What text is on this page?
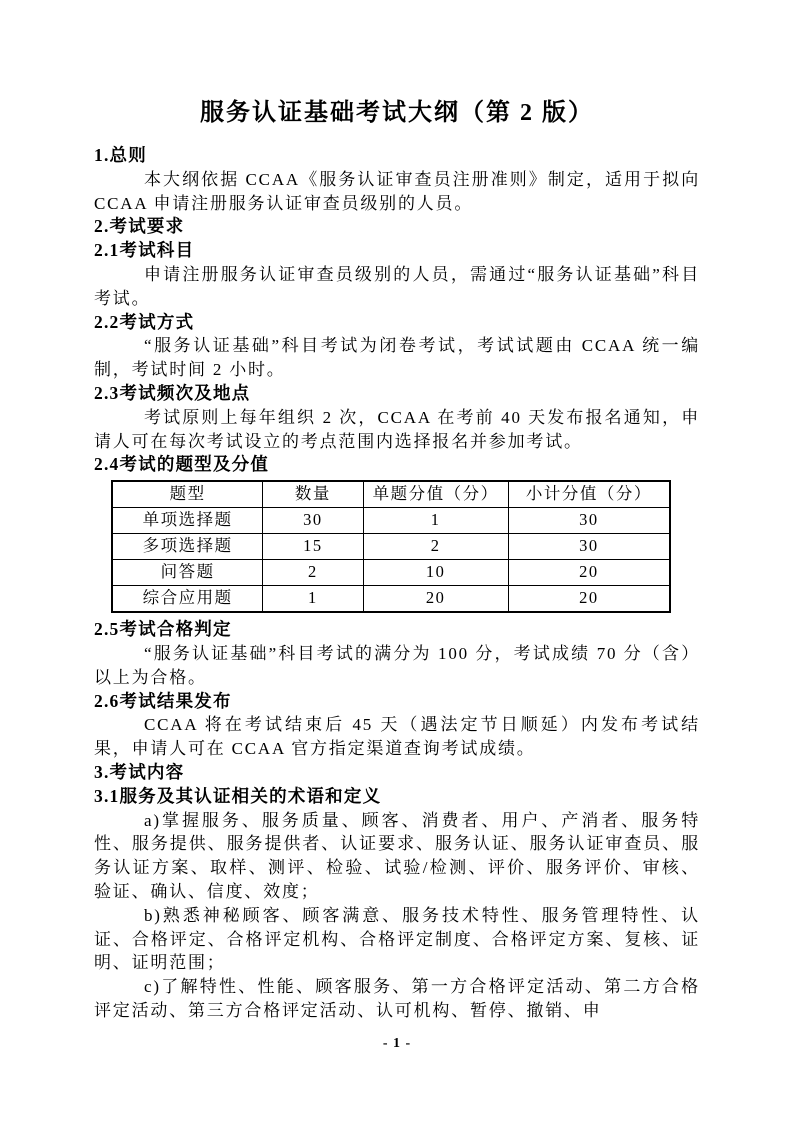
服务认证基础考试大纲（第 2 版）
1.总则

本大纲依据 CCAA《服务认证审查员注册准则》制定，适用于拟向 CCAA 申请注册服务认证审查员级别的人员。

2.考试要求
2.1考试科目

申请注册服务认证审查员级别的人员，需通过“服务认证基础”科目考试。

2.2考试方式

“服务认证基础”科目考试为闭卷考试，考试试题由 CCAA 统一编制，考试时间 2 小时。

2.3考试频次及地点

考试原则上每年组织 2 次，CCAA 在考前 40 天发布报名通知，申请人可在每次考试设立的考点范围内选择报名并参加考试。

2.4考试的题型及分值
题型	数量	单题分值（分）	小计分值（分）
单项选择题	30	1	30
多项选择题	15	2	30
问答题	2	10	20
综合应用题	1	20	20
2.5考试合格判定

“服务认证基础”科目考试的满分为 100 分，考试成绩 70 分（含）以上为合格。

2.6考试结果发布

CCAA 将在考试结束后 45 天（遇法定节日顺延）内发布考试结果，申请人可在 CCAA 官方指定渠道查询考试成绩。

3.考试内容
3.1服务及其认证相关的术语和定义

a)掌握服务、服务质量、顾客、消费者、用户、产消者、服务特性、服务提供、服务提供者、认证要求、服务认证、服务认证审查员、服务认证方案、取样、测评、检验、试验/检测、评价、服务评价、审核、验证、确认、信度、效度；

b)熟悉神秘顾客、顾客满意、服务技术特性、服务管理特性、认证、合格评定、合格评定机构、合格评定制度、合格评定方案、复核、证明、证明范围；

c)了解特性、性能、顾客服务、第一方合格评定活动、第二方合格评定活动、第三方合格评定活动、认可机构、暂停、撤销、申

- 1 -
